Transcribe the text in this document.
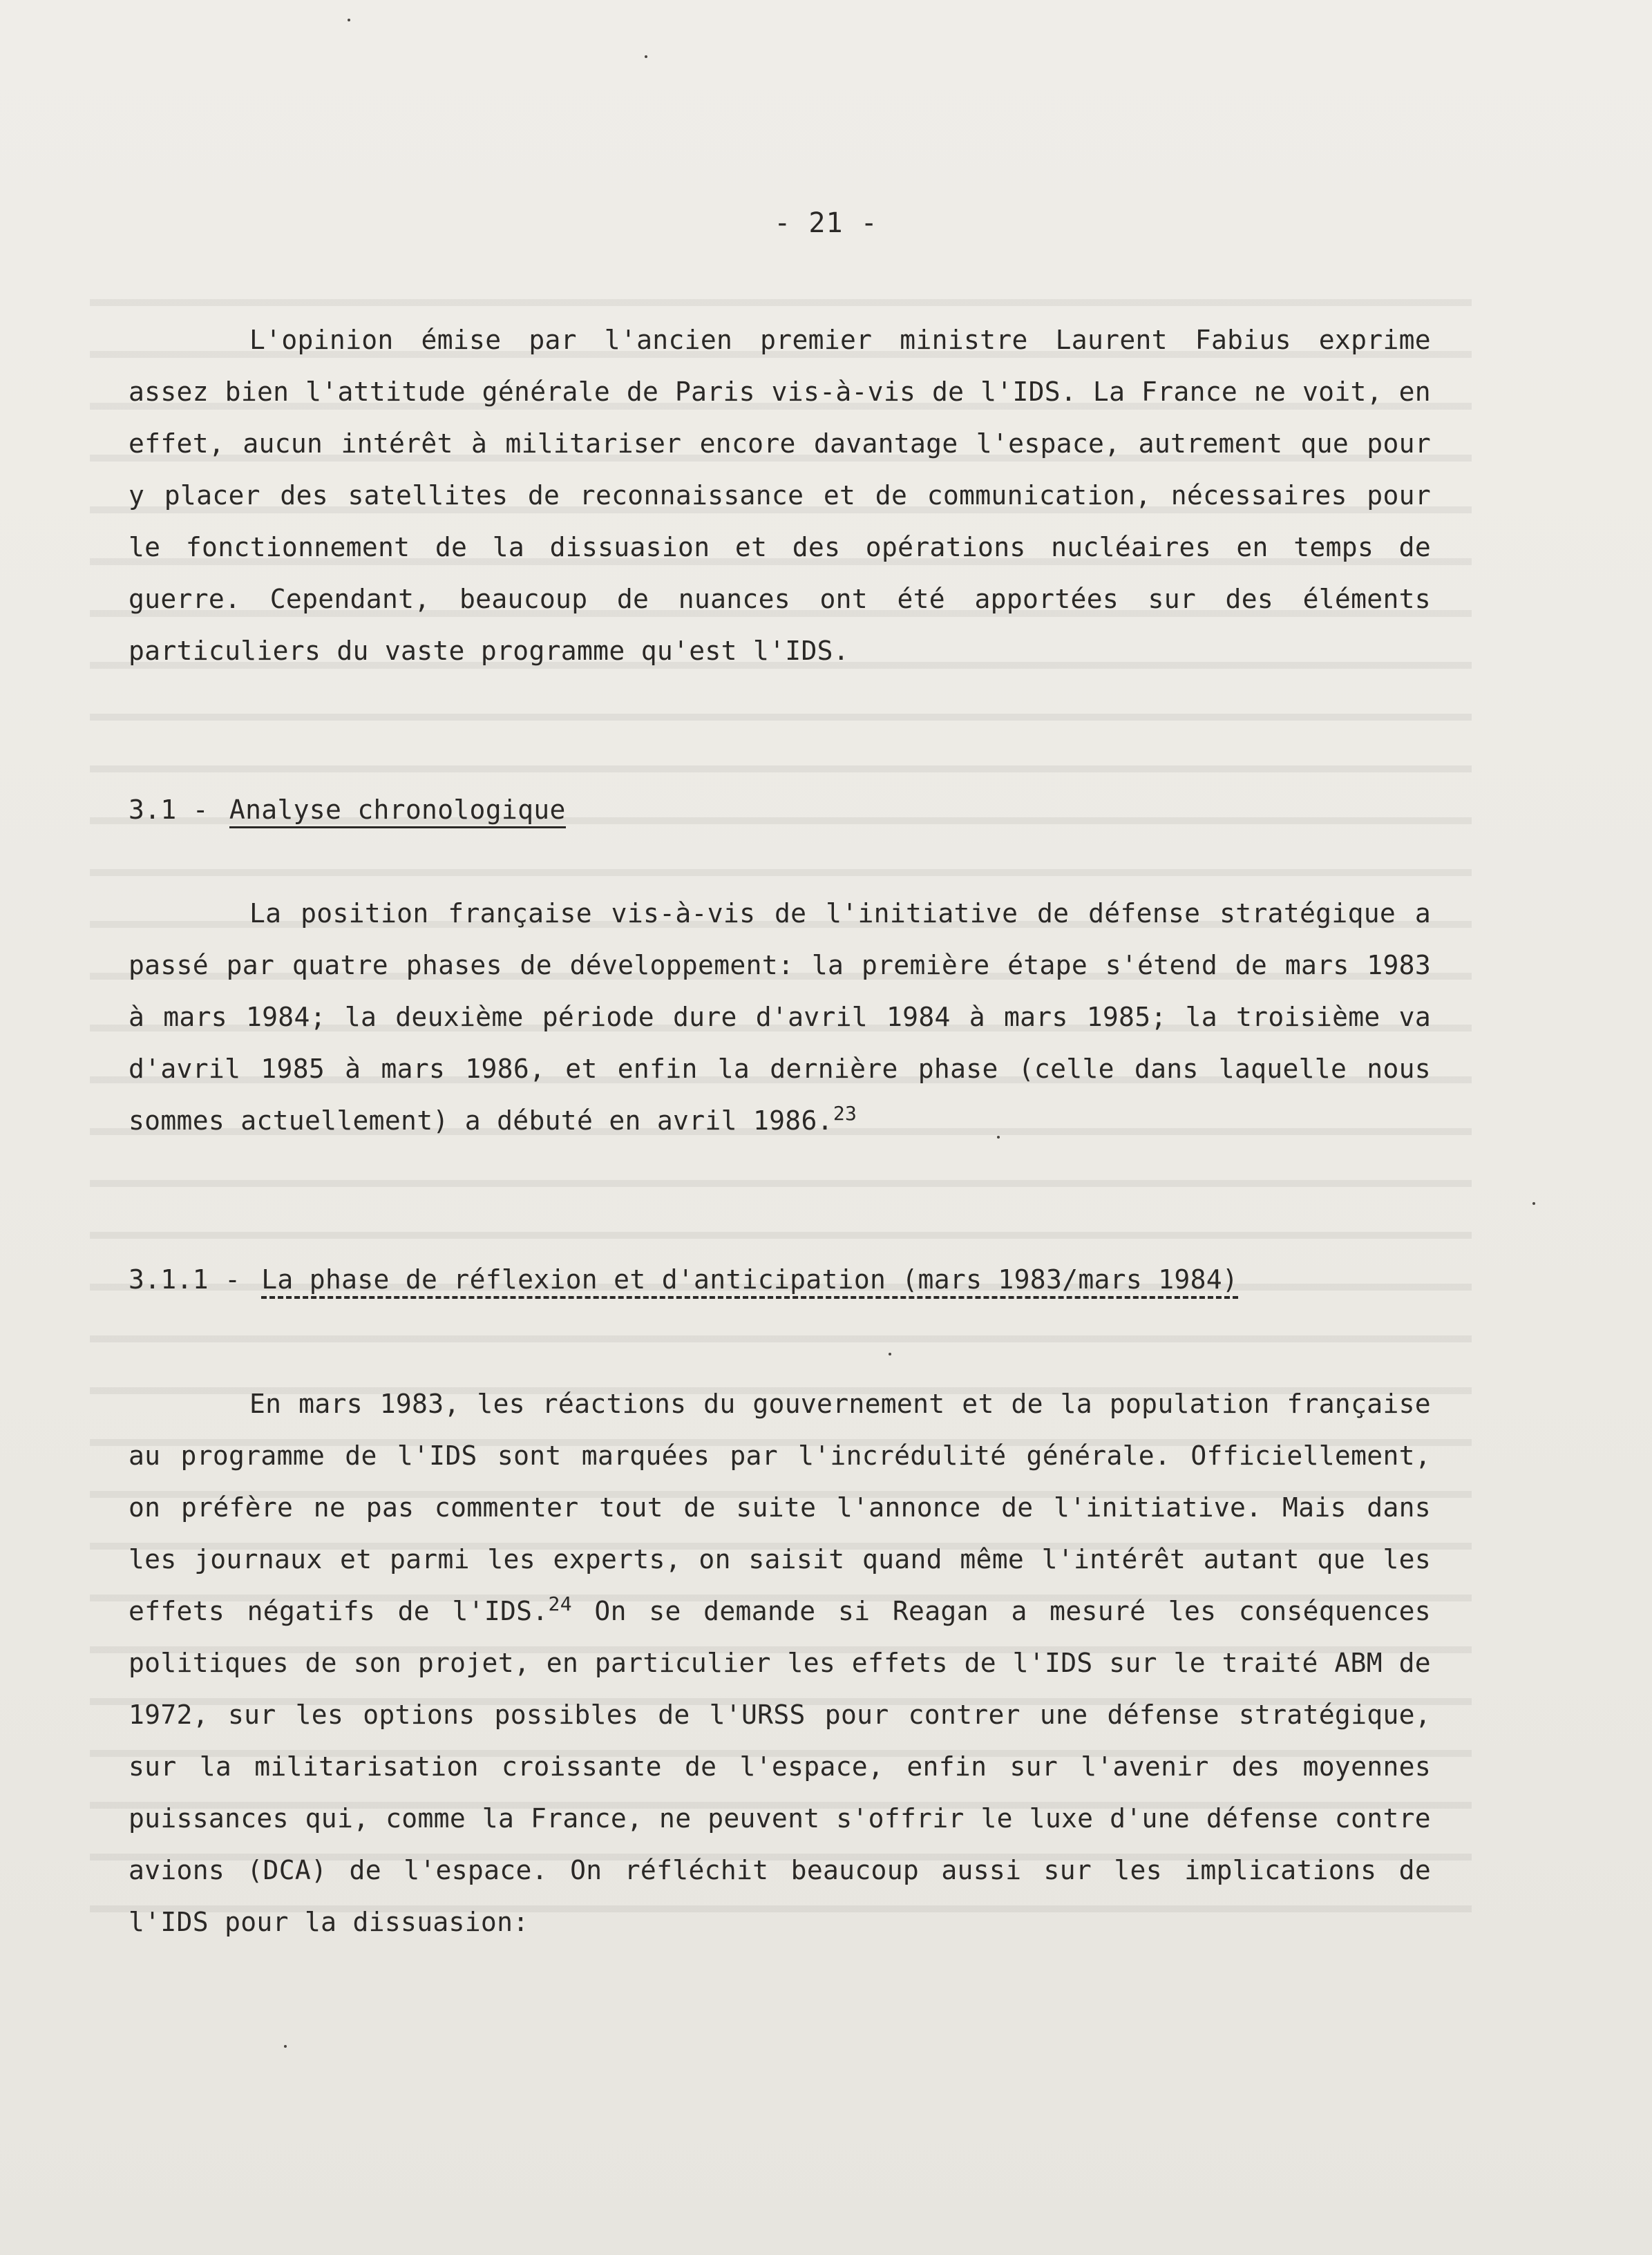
- 21 -

L'opinion émise par l'ancien premier ministre Laurent Fabius exprime assez bien l'attitude générale de Paris vis-à-vis de l'IDS. La France ne voit, en effet, aucun intérêt à militariser encore davantage l'espace, autrement que pour y placer des satellites de reconnaissance et de communication, nécessaires pour le fonctionnement de la dissuasion et des opérations nucléaires en temps de guerre. Cependant, beaucoup de nuances ont été apportées sur des éléments particuliers du vaste programme qu'est l'IDS.

3.1 - Analyse chronologique

La position française vis-à-vis de l'initiative de défense stratégique a passé par quatre phases de développement: la première étape s'étend de mars 1983 à mars 1984; la deuxième période dure d'avril 1984 à mars 1985; la troisième va d'avril 1985 à mars 1986, et enfin la dernière phase (celle dans laquelle nous sommes actuellement) a débuté en avril 1986.23

3.1.1 - La phase de réflexion et d'anticipation (mars 1983/mars 1984)

En mars 1983, les réactions du gouvernement et de la population française au programme de l'IDS sont marquées par l'incrédulité générale. Officiellement, on préfère ne pas commenter tout de suite l'annonce de l'initiative. Mais dans les journaux et parmi les experts, on saisit quand même l'intérêt autant que les effets négatifs de l'IDS.$^{24}$ On se demande si Reagan a mesuré les conséquences politiques de son projet, en particulier les effets de l'IDS sur le traité ABM de 1972, sur les options possibles de l'URSS pour contrer une défense stratégique, sur la militarisation croissante de l'espace, enfin sur l'avenir des moyennes puissances qui, comme la France, ne peuvent s'offrir le luxe d'une défense contre avions (DCA) de l'espace. On réfléchit beaucoup aussi sur les implications de l'IDS pour la dissuasion:
